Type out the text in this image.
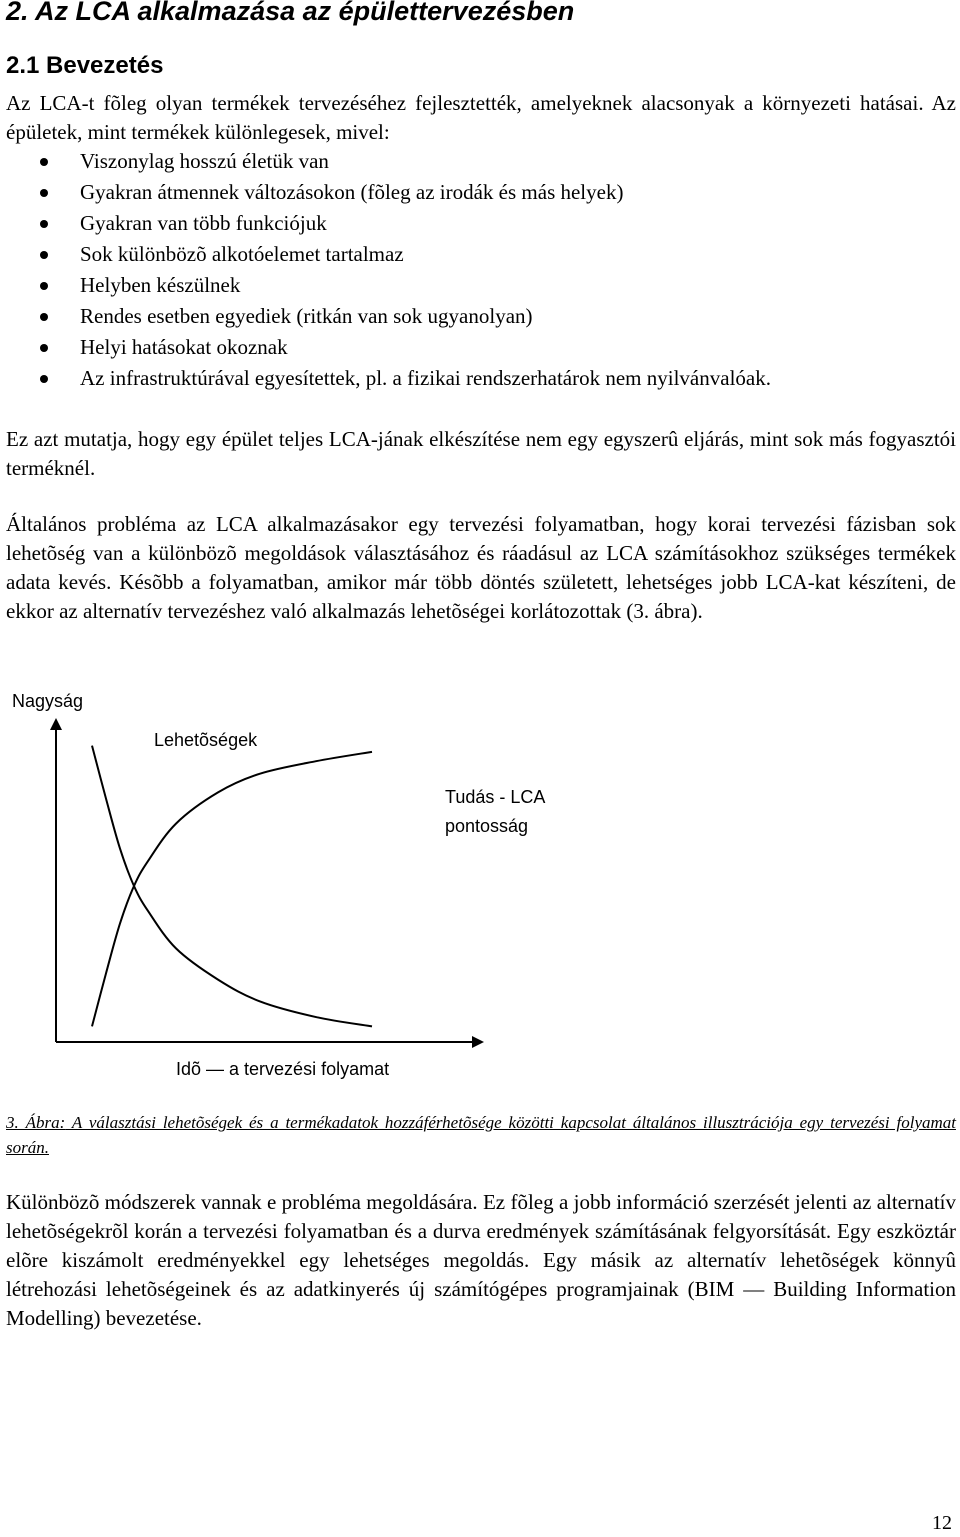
2. Az LCA alkalmazása az épülettervezésben
2.1 Bevezetés

Az LCA-t fõleg olyan termékek tervezéséhez fejlesztették, amelyeknek alacsonyak a környezeti hatásai. Az épületek, mint termékek különlegesek, mivel:

Viszonylag hosszú életük van
Gyakran átmennek változásokon (fõleg az irodák és más helyek)
Gyakran van több funkciójuk
Sok különbözõ alkotóelemet tartalmaz
Helyben készülnek
Rendes esetben egyediek (ritkán van sok ugyanolyan)
Helyi hatásokat okoznak
Az infrastruktúrával egyesítettek, pl. a fizikai rendszerhatárok nem nyilvánvalóak.

Ez azt mutatja, hogy egy épület teljes LCA-jának elkészítése nem egy egyszerû eljárás, mint sok más fogyasztói terméknél.

Általános probléma az LCA alkalmazásakor egy tervezési folyamatban, hogy korai tervezési fázisban sok lehetõség van a különbözõ megoldások választásához és ráadásul az LCA számításokhoz szükséges termékek adata kevés. Késõbb a folyamatban, amikor már több döntés született, lehetséges jobb LCA-kat készíteni, de ekkor az alternatív tervezéshez való alkalmazás lehetõségei korlátozottak (3. ábra).

Nagyság
Idõ — a tervezési folyamat
Lehetõségek
Tudás - LCA pontosság

3. Ábra: A választási lehetõségek és a termékadatok hozzáférhetõsége közötti kapcsolat általános illusztrációja egy tervezési folyamat során.

Különbözõ módszerek vannak e probléma megoldására. Ez fõleg a jobb információ szerzését jelenti az alternatív lehetõségekrõl korán a tervezési folyamatban és a durva eredmények számításának felgyorsítását. Egy eszköztár elõre kiszámolt eredményekkel egy lehetséges megoldás. Egy másik az alternatív lehetõségek könnyû létrehozási lehetõségeinek és az adatkinyerés új számítógépes programjainak (BIM — Building Information Modelling) bevezetése.

12
